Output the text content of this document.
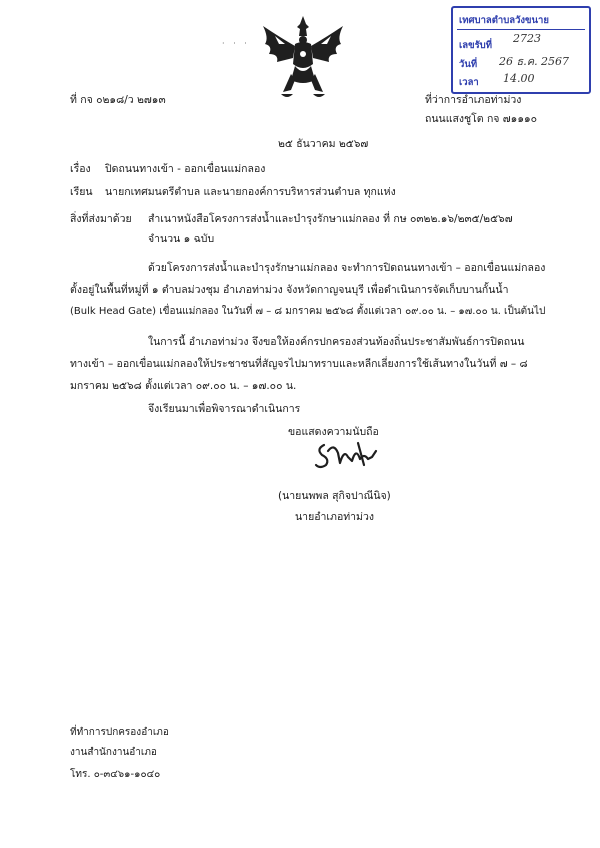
· · ·
เทศบาลตำบลวังขนาย
เลขรับที่
2723
วันที่ 26 ธ.ค. 2567
เวลา 14.00
ที่ กจ ๐๒๑๘/ว ๒๗๑๓	ที่ว่าการอำเภอท่าม่วง
ถนนแสงชูโต กจ ๗๑๑๑๐
๒๕ ธันวาคม ๒๕๖๗
เรื่อง ปิดถนนทางเข้า - ออกเขื่อนแม่กลอง
เรียน นายกเทศมนตรีตำบล และนายกองค์การบริหารส่วนตำบล ทุกแห่ง
สิ่งที่ส่งมาด้วย สำเนาหนังสือโครงการส่งน้ำและบำรุงรักษาแม่กลอง ที่ กษ ๐๓๒๒.๑๖/๒๓๕/๒๕๖๗
จำนวน ๑ ฉบับ
ด้วยโครงการส่งน้ำและบำรุงรักษาแม่กลอง จะทำการปิดถนนทางเข้า – ออกเขื่อนแม่กลอง
ตั้งอยู่ในพื้นที่หมู่ที่ ๑ ตำบลม่วงชุม อำเภอท่าม่วง จังหวัดกาญจนบุรี เพื่อดำเนินการจัดเก็บบานกั้นน้ำ
(Bulk Head Gate) เขื่อนแม่กลอง ในวันที่ ๗ – ๘ มกราคม ๒๕๖๘ ตั้งแต่เวลา ๐๙.๐๐ น. – ๑๗.๐๐ น. เป็นต้นไป
ในการนี้ อำเภอท่าม่วง จึงขอให้องค์กรปกครองส่วนท้องถิ่นประชาสัมพันธ์การปิดถนน
ทางเข้า – ออกเขื่อนแม่กลองให้ประชาชนที่สัญจรไปมาทราบและหลีกเลี่ยงการใช้เส้นทางในวันที่ ๗ – ๘
มกราคม ๒๕๖๘ ตั้งแต่เวลา ๐๙.๐๐ น. – ๑๗.๐๐ น.
จึงเรียนมาเพื่อพิจารณาดำเนินการ
ขอแสดงความนับถือ
(นายนพพล สุกิจปาณีนิจ)
นายอำเภอท่าม่วง
ที่ทำการปกครองอำเภอ
งานสำนักงานอำเภอ
โทร. ๐-๓๔๖๑-๑๐๔๐
